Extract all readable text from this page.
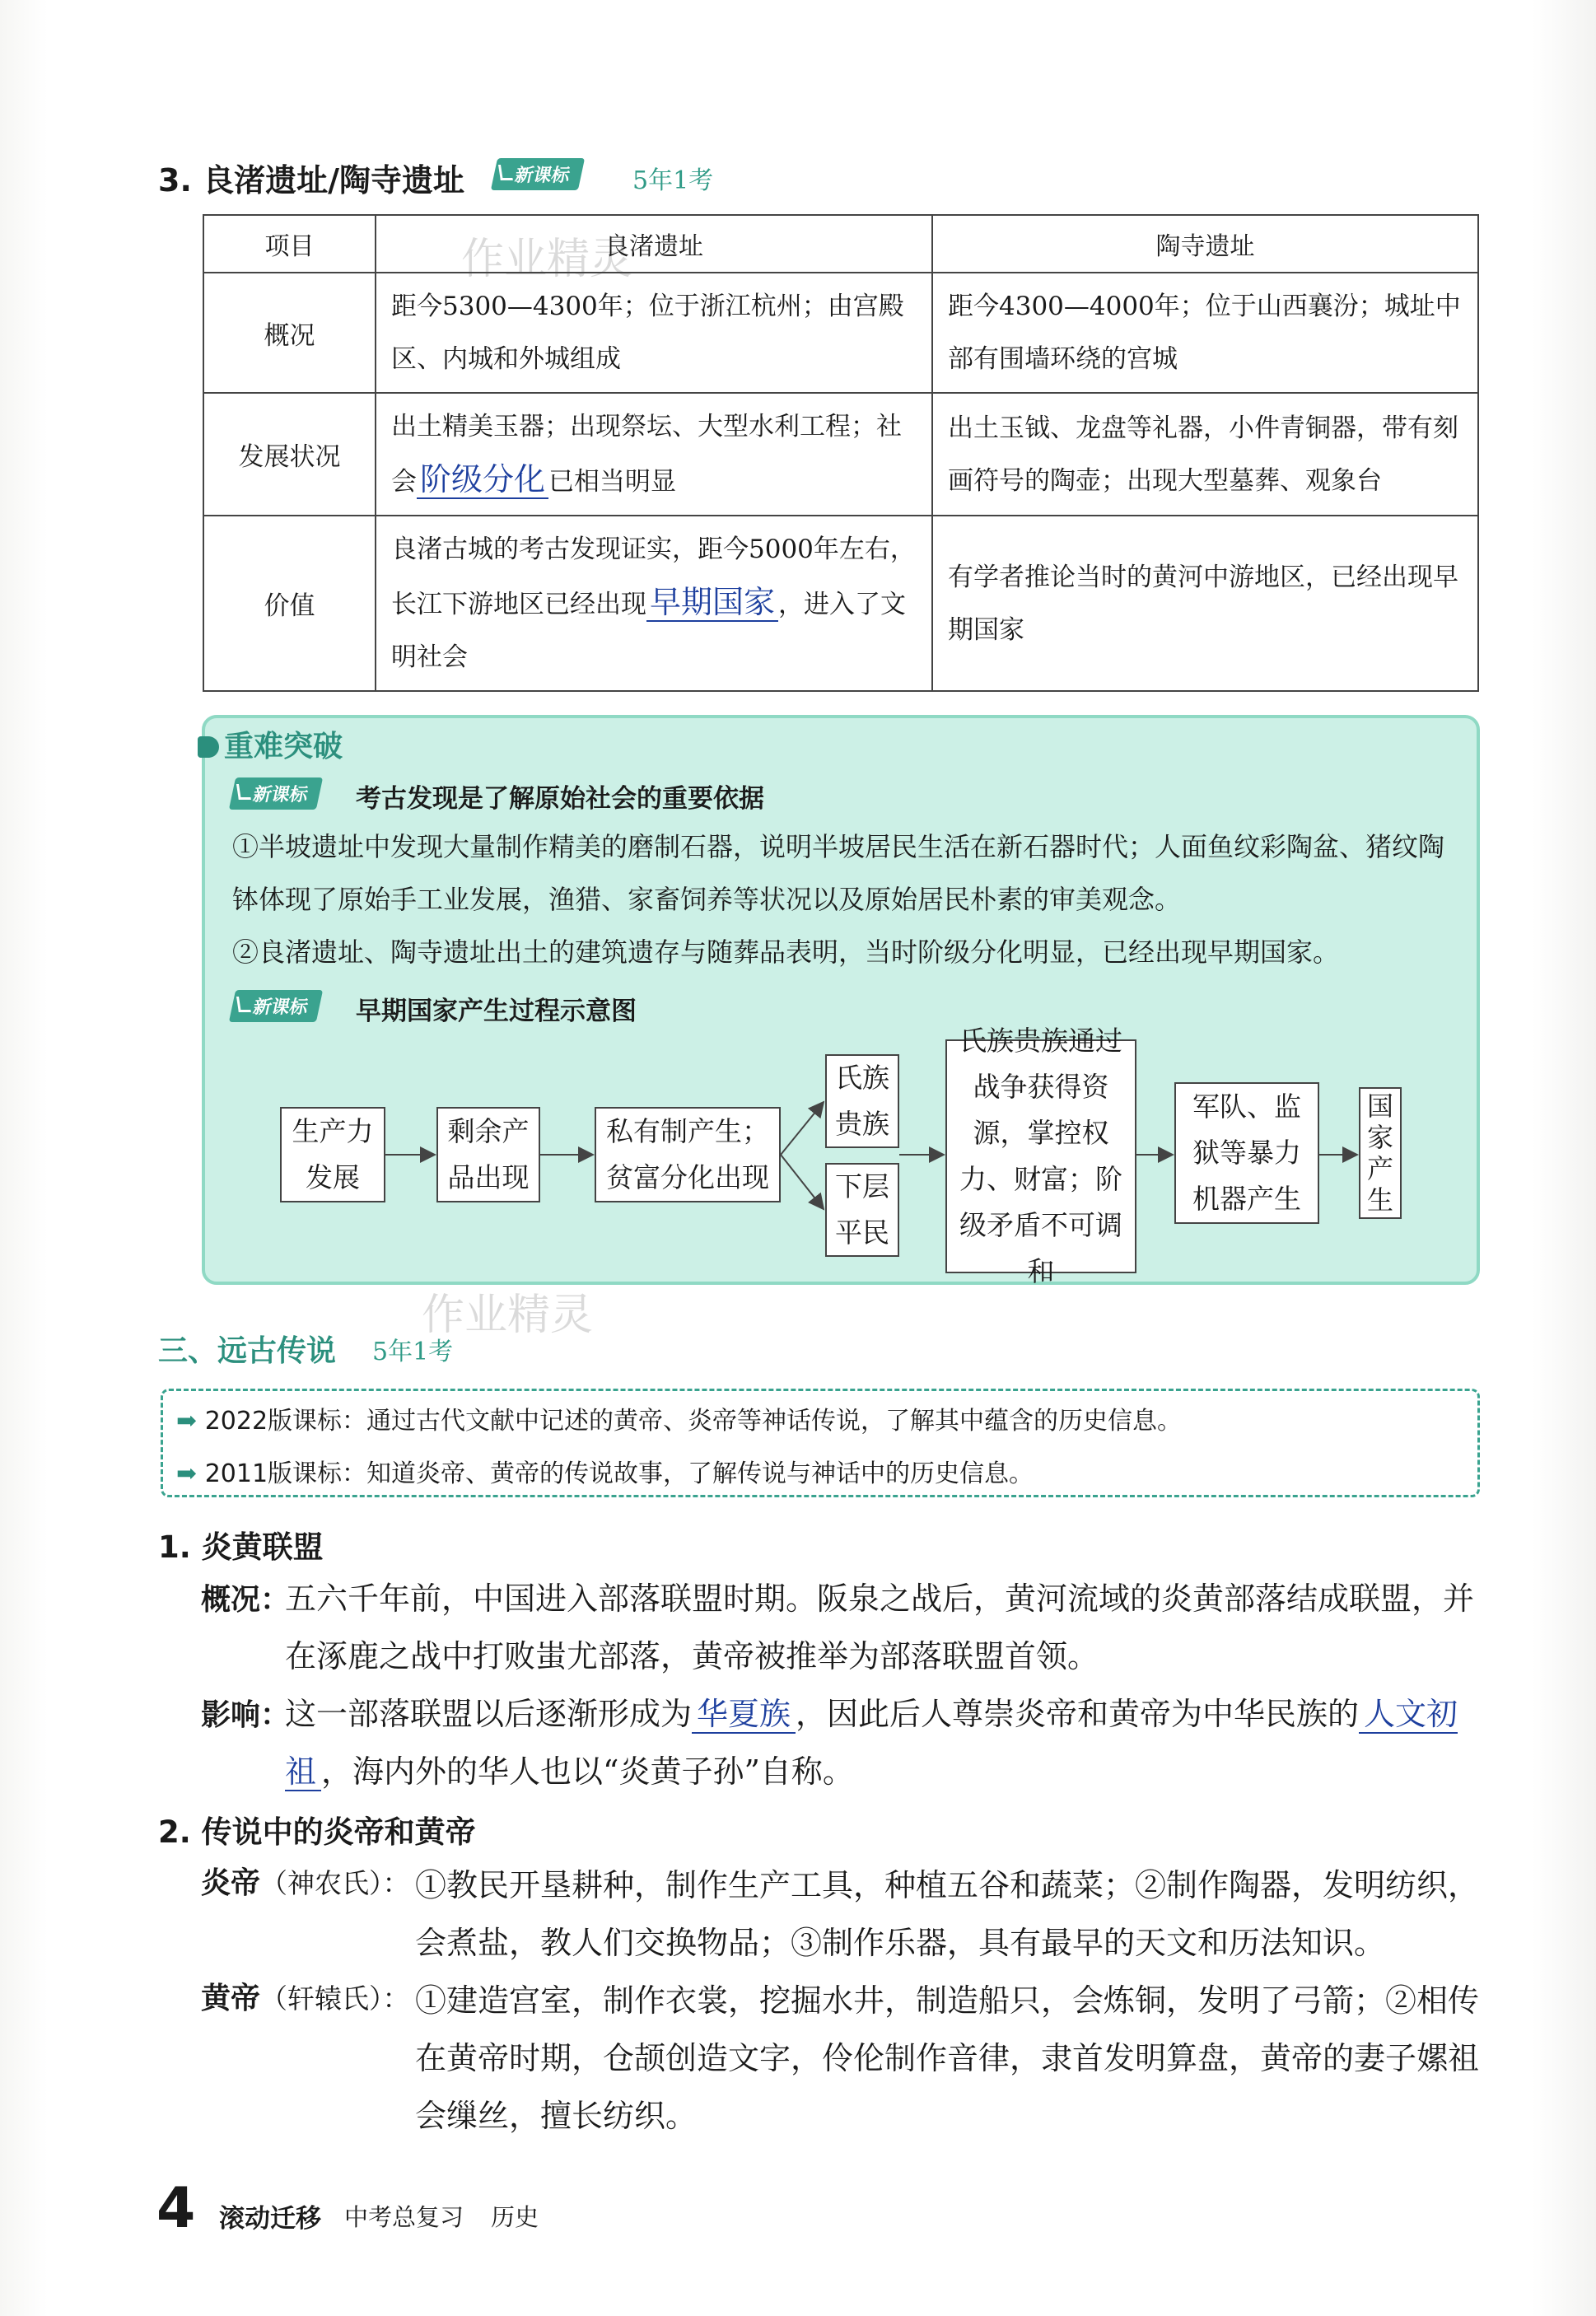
3. 良渚遗址/陶寺遗址	新课标	5年1考
作业精灵
项目	良渚遗址	陶寺遗址
概况	距今5300—4300年；位于浙江杭州；由宫殿区、内城和外城组成	距今4300—4000年；位于山西襄汾；城址中部有围墙环绕的宫城
发展状况	出土精美玉器；出现祭坛、大型水利工程；社会 阶级分化 已相当明显	出土玉钺、龙盘等礼器，小件青铜器，带有刻画符号的陶壶；出现大型墓葬、观象台
价值	良渚古城的考古发现证实，距今5000年左右，长江下游地区已经出现 早期国家 ，进入了文明社会	有学者推论当时的黄河中游地区，已经出现早期国家
重难突破
新课标	考古发现是了解原始社会的重要依据
①半坡遗址中发现大量制作精美的磨制石器，说明半坡居民生活在新石器时代；人面鱼纹彩陶盆、猪纹陶钵体现了原始手工业发展，渔猎、家畜饲养等状况以及原始居民朴素的审美观念。
②良渚遗址、陶寺遗址出土的建筑遗存与随葬品表明，当时阶级分化明显，已经出现早期国家。
新课标	早期国家产生过程示意图
生产力发展
剩余产品出现
私有制产生；贫富分化出现
氏族贵族
下层平民
氏族贵族通过战争获得资源，掌控权力、财富；阶级矛盾不可调和
军队、监狱等暴力机器产生
国家产生
作业精灵
三、远古传说 5年1考
➡ 2022版课标：通过古代文献中记述的黄帝、炎帝等神话传说，了解其中蕴含的历史信息。
➡ 2011版课标：知道炎帝、黄帝的传说故事，了解传说与神话中的历史信息。
1. 炎黄联盟
概况：
五六千年前，中国进入部落联盟时期。阪泉之战后，黄河流域的炎黄部落结成联盟，并在涿鹿之战中打败蚩尤部落，黄帝被推举为部落联盟首领。
影响：
这一部落联盟以后逐渐形成为 华夏族 ，因此后人尊崇炎帝和黄帝为中华民族的 人文初祖 ，海内外的华人也以“炎黄子孙”自称。
2. 传说中的炎帝和黄帝
炎帝（神农氏）： ①教民开垦耕种，制作生产工具，种植五谷和蔬菜；②制作陶器，发明纺织，会煮盐，教人们交换物品；③制作乐器，具有最早的天文和历法知识。
黄帝（轩辕氏）： ①建造宫室，制作衣裳，挖掘水井，制造船只，会炼铜，发明了弓箭；②相传在黄帝时期，仓颉创造文字，伶伦制作音律，隶首发明算盘，黄帝的妻子嫘祖会缫丝，擅长纺织。
4 滚动迁移 中考总复习 历史
